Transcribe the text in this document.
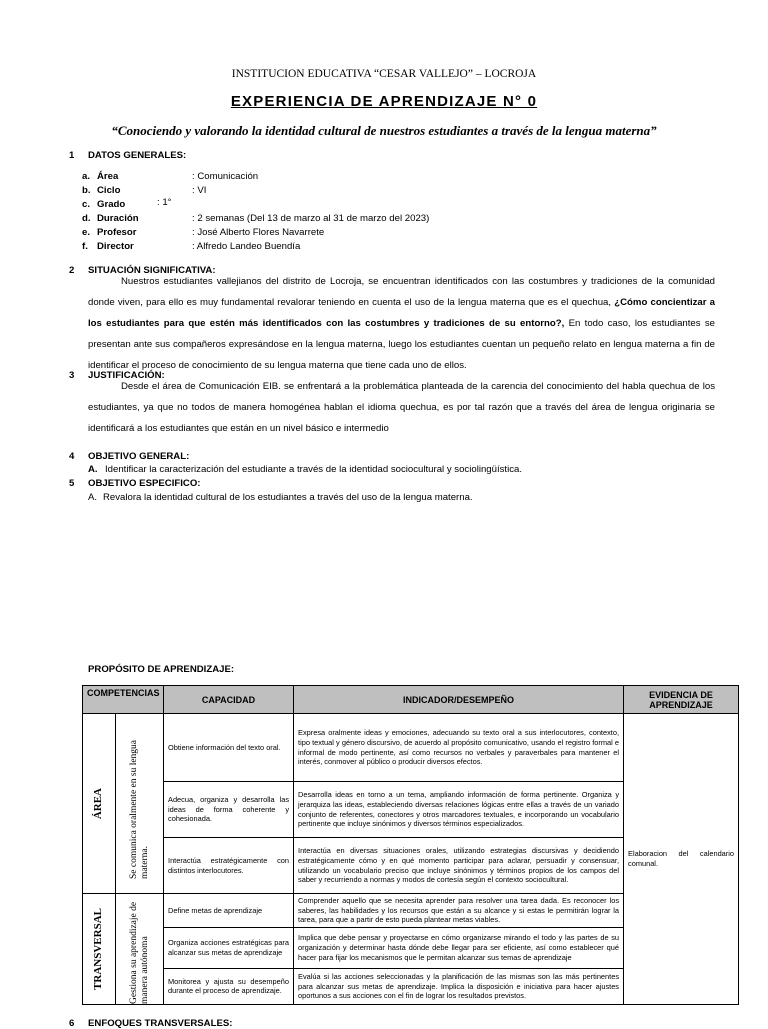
INSTITUCION EDUCATIVA “CESAR VALLEJO” – LOCROJA
EXPERIENCIA DE APRENDIZAJE N° 0
“Conociendo y valorando la identidad cultural de nuestros estudiantes a través de la lengua materna”
1 DATOS GENERALES:
a. Área	: Comunicación
b. Ciclo	: VI
c. Grado	: 1°
d. Duración	: 2 semanas (Del 13 de marzo al 31 de marzo del 2023)
e. Profesor	: José Alberto Flores Navarrete
f. Director	: Alfredo Landeo Buendía
2 SITUACIÓN SIGNIFICATIVA:
Nuestros estudiantes vallejianos del distrito de Locroja, se encuentran identificados con las costumbres y tradiciones de la comunidad donde viven, para ello es muy fundamental revalorar teniendo en cuenta el uso de la lengua materna que es el quechua, ¿Cómo concientizar a los estudiantes para que estén más identificados con las costumbres y tradiciones de su entorno?, En todo caso, los estudiantes se presentan ante sus compañeros expresándose en la lengua materna, luego los estudiantes cuentan un pequeño relato en lengua materna a fin de identificar el proceso de conocimiento de su lengua materna que tiene cada uno de ellos.
3 JUSTIFICACIÓN:
Desde el área de Comunicación EIB. se enfrentará a la problemática planteada de la carencia del conocimiento del habla quechua de los estudiantes, ya que no todos de manera homogénea hablan el idioma quechua, es por tal razón que a través del área de lengua originaria se identificará a los estudiantes que están en un nivel básico e intermedio
4 OBJETIVO GENERAL:
A. Identificar la caracterización del estudiante a través de la identidad sociocultural y sociolingüística.
5 OBJETIVO ESPECIFICO:
A. Revalora la identidad cultural de los estudiantes a través del uso de la lengua materna.
PROPÓSITO DE APRENDIZAJE:
COMPETENCIAS		CAPACIDAD	INDICADOR/DESEMPEÑO	EVIDENCIA DE APRENDIZAJE

ÁREA	Se comunica oralmente en su lengua materna.	Obtiene información del texto oral.	Expresa oralmente ideas y emociones, adecuando su texto oral a sus interlocutores, contexto, tipo textual y género discursivo, de acuerdo al propósito comunicativo, usando el registro formal e informal de modo pertinente, así como recursos no verbales y paraverbales para mantener el interés, conmover al público o producir diversos efectos.	Elaboracion del calendario comunal.
		Adecua, organiza y desarrolla las ideas de forma coherente y cohesionada.	Desarrolla ideas en torno a un tema, ampliando información de forma pertinente. Organiza y jerarquiza las ideas, estableciendo diversas relaciones lógicas entre ellas a través de un variado conjunto de referentes, conectores y otros marcadores textuales, e incorporando un vocabulario pertinente que incluye sinónimos y diversos términos especializados.	
		Interactúa estratégicamente con distintos interlocutores.	Interactúa en diversas situaciones orales, utilizando estrategias discursivas y decidiendo estratégicamente cómo y en qué momento participar para aclarar, persuadir y consensuar, utilizando un vocabulario preciso que incluye sinónimos y términos propios de los campos del saber y recurriendo a normas y modos de cortesía según el contexto sociocultural.	

TRANSVERSAL	Gestiona su aprendizaje de manera autónoma	Define metas de aprendizaje	Comprender aquello que se necesita aprender para resolver una tarea dada. Es reconocer los saberes, las habilidades y los recursos que están a su alcance y si estas le permitirán lograr la tarea, para que a partir de esto pueda plantear metas viables.	
		Organiza acciones estratégicas para alcanzar sus metas de aprendizaje	Implica que debe pensar y proyectarse en cómo organizarse mirando el todo y las partes de su organización y determinar hasta dónde debe llegar para ser eficiente, así como establecer qué hacer para fijar los mecanismos que le permitan alcanzar sus temas de aprendizaje	
		Monitorea y ajusta su desempeño durante el proceso de aprendizaje.	Evalúa si las acciones seleccionadas y la planificación de las mismas son las más pertinentes para alcanzar sus metas de aprendizaje. Implica la disposición e iniciativa para hacer ajustes oportunos a sus acciones con el fin de lograr los resultados previstos.	
6 ENFOQUES TRANSVERSALES:
